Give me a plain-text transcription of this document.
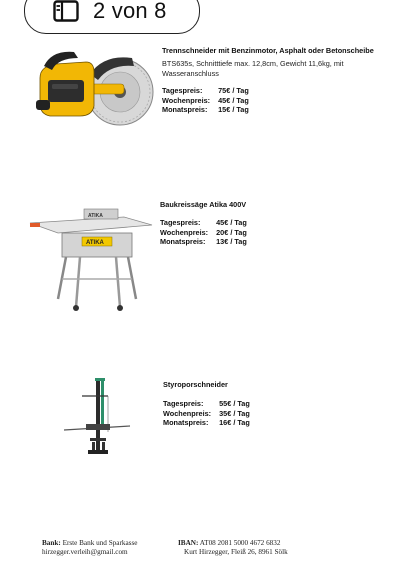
2 von 8
Trennschneider mit Benzinmotor, Asphalt oder Betonscheibe
BTS635s, Schnitttiefe max. 12,8cm, Gewicht 11,6kg, mit Wasseranschluss
Tagespreis:	75€ / Tag
Wochenpreis:	45€ / Tag
Monatspreis:	15€ / Tag
ATIKA
ATIKA
Baukreissäge Atika 400V
Tagespreis:	45€ / Tag
Wochenpreis:	20€ / Tag
Monatspreis:	13€ / Tag
Styroporschneider
Tagespreis:	55€ / Tag
Wochenpreis:	35€ / Tag
Monatspreis:	16€ / Tag
Bank: Erste Bank und Sparkasse
hirzegger.verleih@gmail.com
IBAN: AT08 2081 5000 4672 6832
Kurt Hirzegger, Fleiß 26, 8961 Sölk
